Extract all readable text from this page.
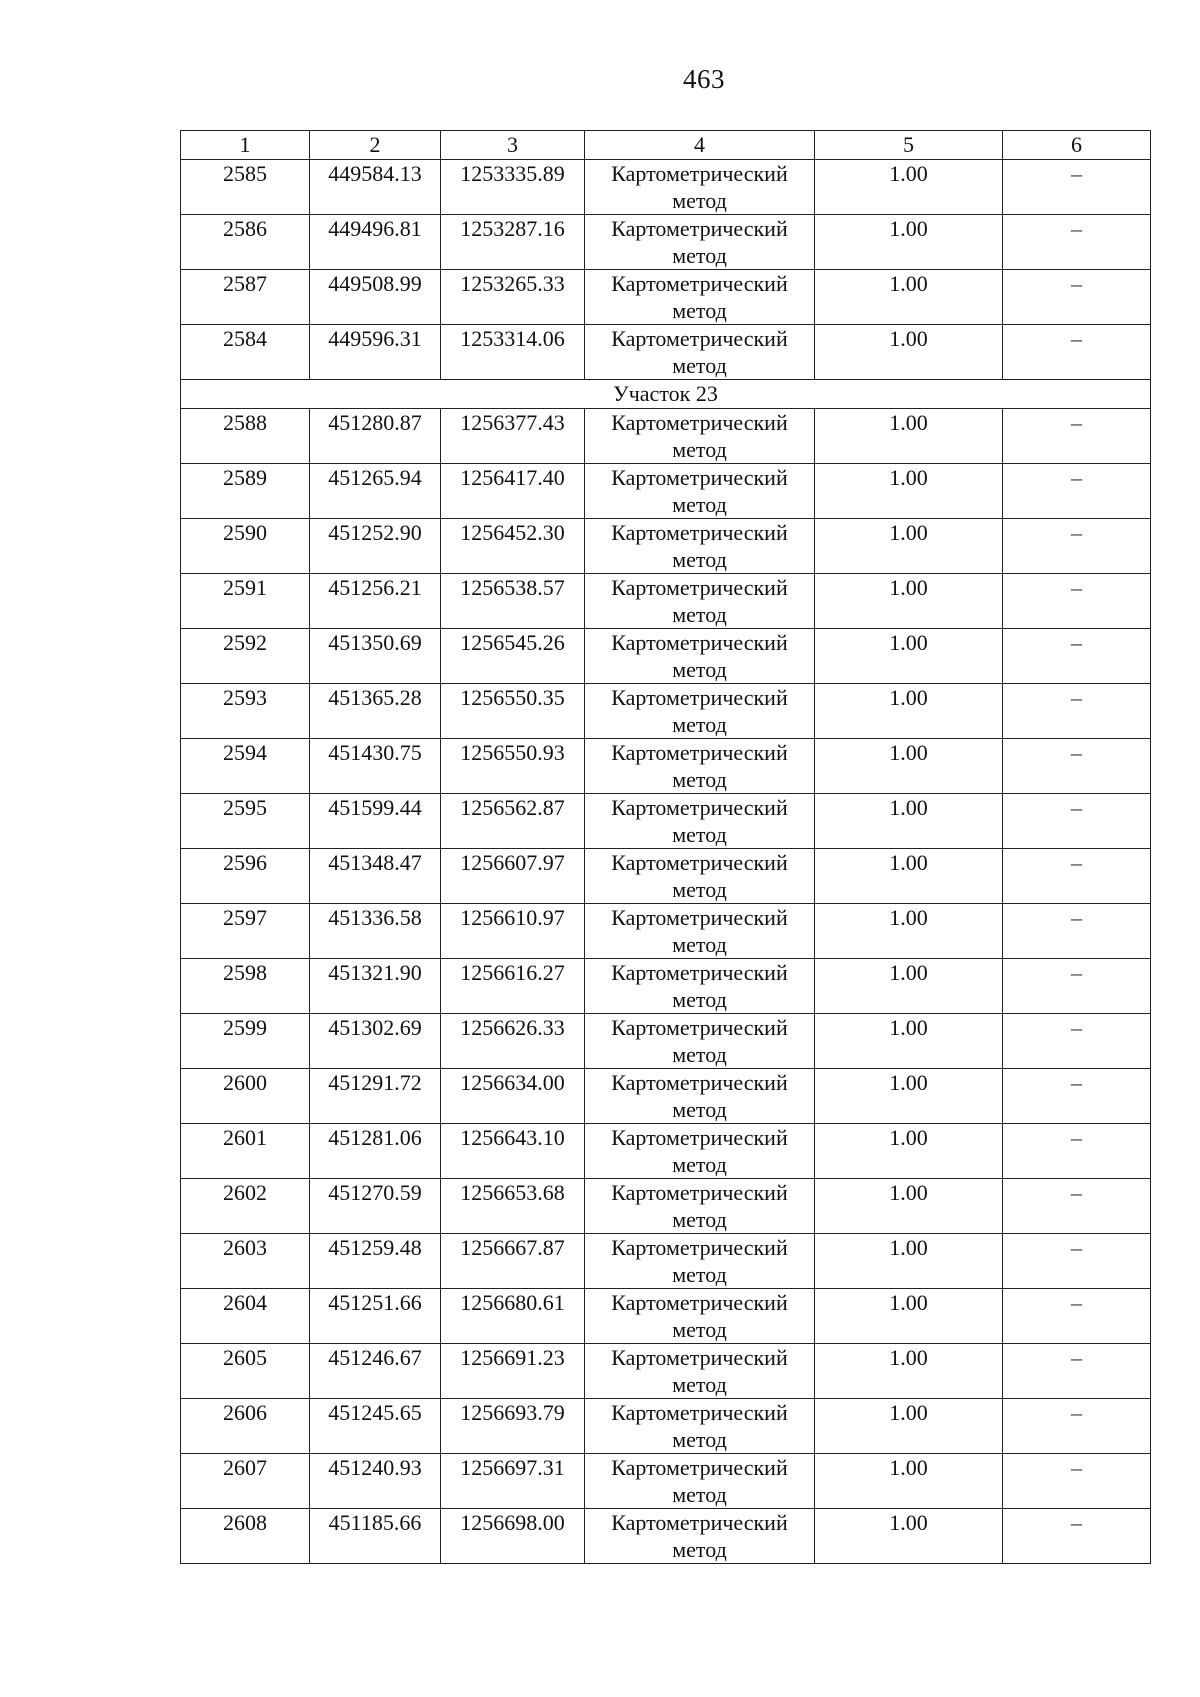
463
1	2	3	4	5	6
2585	449584.13	1253335.89	Картометрический метод	1.00	–
2586	449496.81	1253287.16	Картометрический метод	1.00	–
2587	449508.99	1253265.33	Картометрический метод	1.00	–
2584	449596.31	1253314.06	Картометрический метод	1.00	–
Участок 23					
2588	451280.87	1256377.43	Картометрический метод	1.00	–
2589	451265.94	1256417.40	Картометрический метод	1.00	–
2590	451252.90	1256452.30	Картометрический метод	1.00	–
2591	451256.21	1256538.57	Картометрический метод	1.00	–
2592	451350.69	1256545.26	Картометрический метод	1.00	–
2593	451365.28	1256550.35	Картометрический метод	1.00	–
2594	451430.75	1256550.93	Картометрический метод	1.00	–
2595	451599.44	1256562.87	Картометрический метод	1.00	–
2596	451348.47	1256607.97	Картометрический метод	1.00	–
2597	451336.58	1256610.97	Картометрический метод	1.00	–
2598	451321.90	1256616.27	Картометрический метод	1.00	–
2599	451302.69	1256626.33	Картометрический метод	1.00	–
2600	451291.72	1256634.00	Картометрический метод	1.00	–
2601	451281.06	1256643.10	Картометрический метод	1.00	–
2602	451270.59	1256653.68	Картометрический метод	1.00	–
2603	451259.48	1256667.87	Картометрический метод	1.00	–
2604	451251.66	1256680.61	Картометрический метод	1.00	–
2605	451246.67	1256691.23	Картометрический метод	1.00	–
2606	451245.65	1256693.79	Картометрический метод	1.00	–
2607	451240.93	1256697.31	Картометрический метод	1.00	–
2608	451185.66	1256698.00	Картометрический метод	1.00	–
